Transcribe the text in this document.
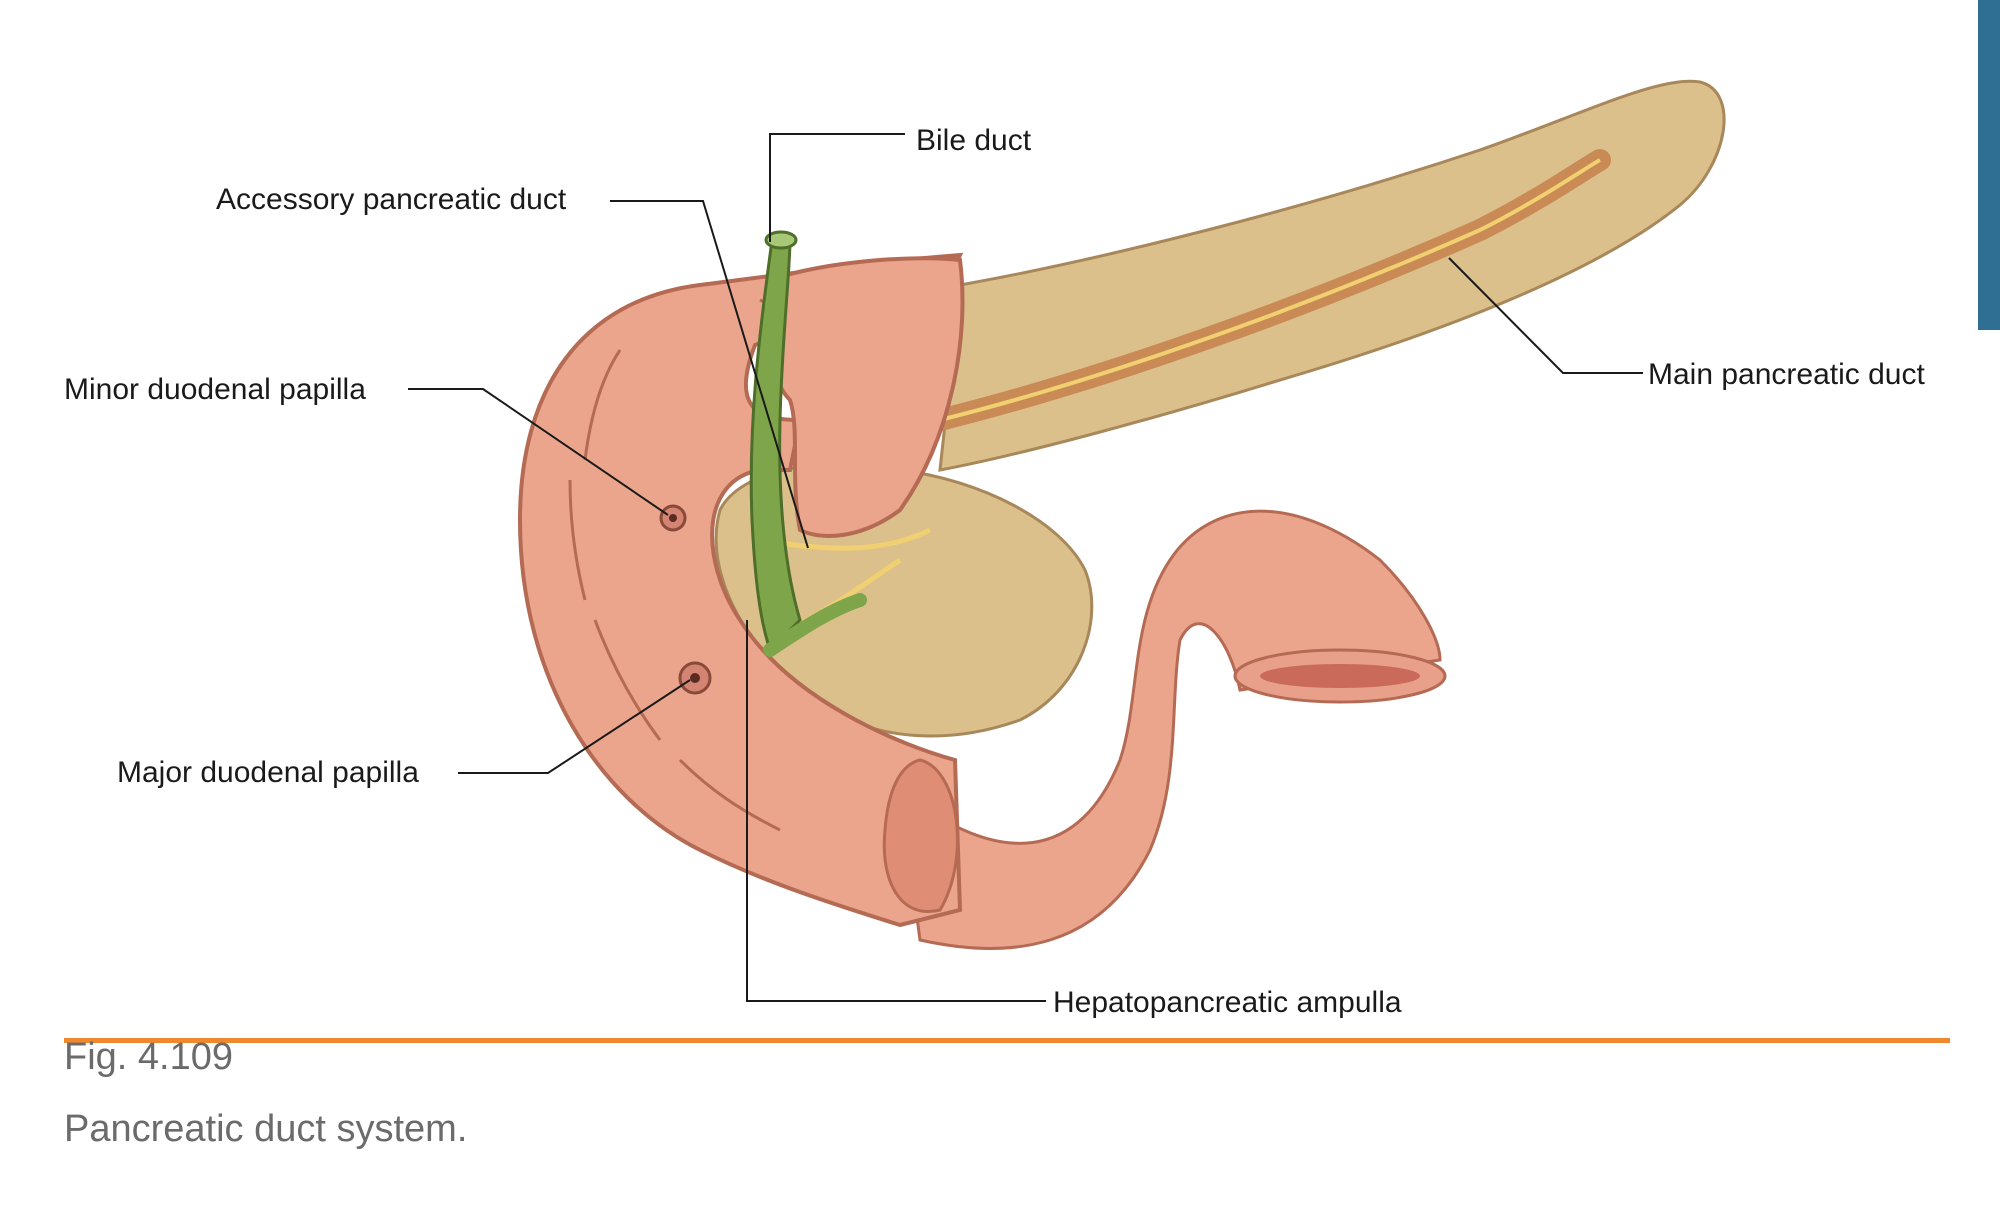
Bile duct
Accessory pancreatic duct
Minor duodenal papilla
Major duodenal papilla
Main pancreatic duct
Hepatopancreatic ampulla
Fig. 4.109
Pancreatic duct system.
